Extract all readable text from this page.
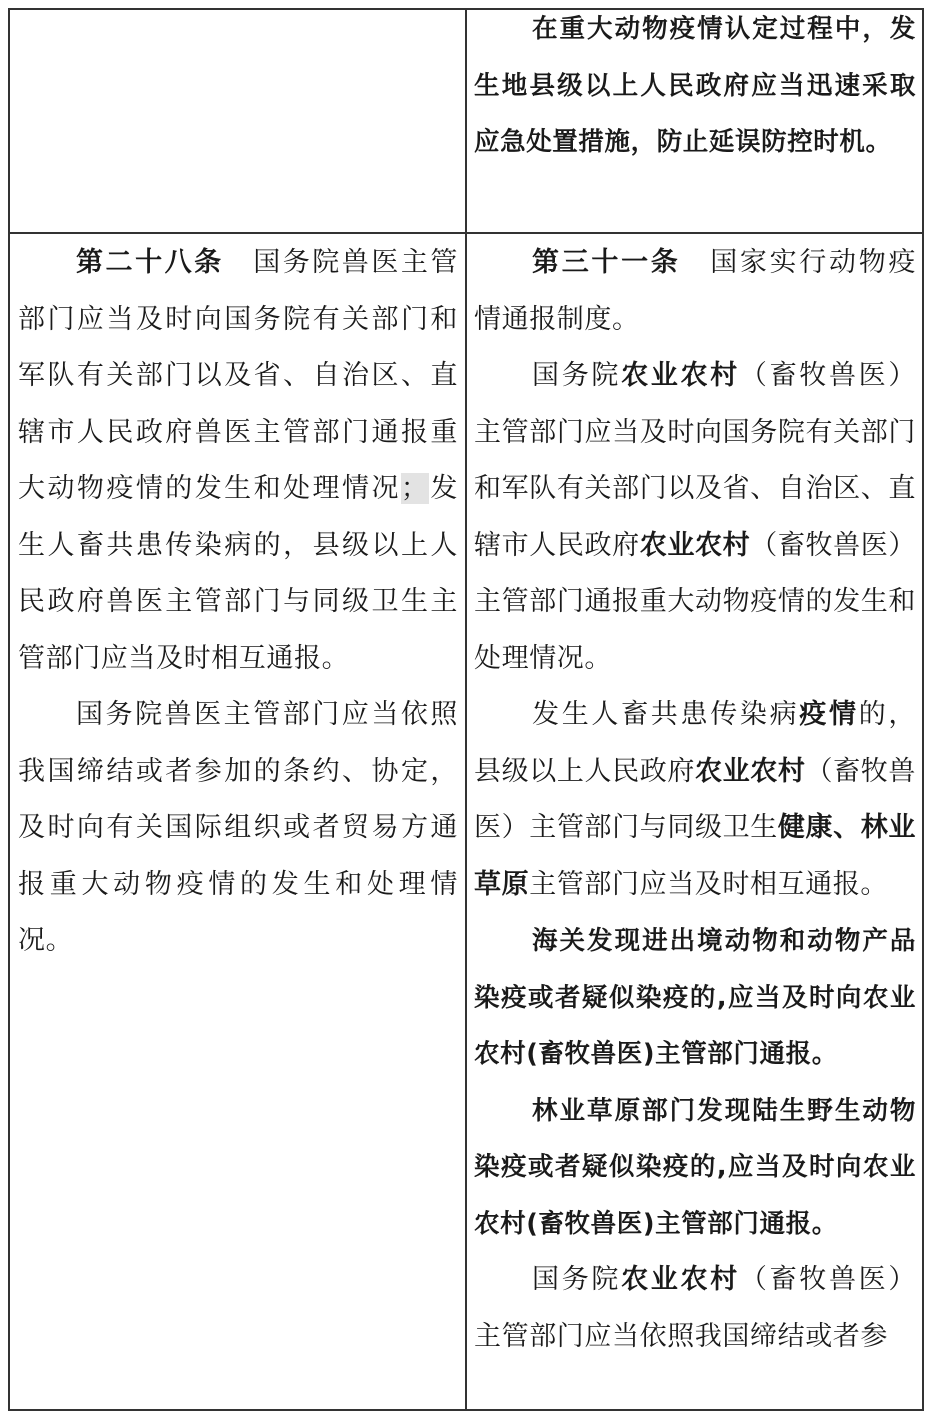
在重大动物疫情认定过程中，发生地县级以上人民政府应当迅速采取应急处置措施，防止延误防控时机。

第二十八条　国务院兽医主管部门应当及时向国务院有关部门和军队有关部门以及省、自治区、直辖市人民政府兽医主管部门通报重大动物疫情的发生和处理情况；发生人畜共患传染病的，县级以上人民政府兽医主管部门与同级卫生主管部门应当及时相互通报。

国务院兽医主管部门应当依照我国缔结或者参加的条约、协定，及时向有关国际组织或者贸易方通报重大动物疫情的发生和处理情况。

第三十一条　国家实行动物疫情通报制度。

国务院农业农村（畜牧兽医）主管部门应当及时向国务院有关部门和军队有关部门以及省、自治区、直辖市人民政府农业农村（畜牧兽医）主管部门通报重大动物疫情的发生和处理情况。

发生人畜共患传染病疫情的，县级以上人民政府农业农村（畜牧兽医）主管部门与同级卫生健康、林业草原主管部门应当及时相互通报。

海关发现进出境动物和动物产品染疫或者疑似染疫的,应当及时向农业农村(畜牧兽医)主管部门通报。

林业草原部门发现陆生野生动物染疫或者疑似染疫的,应当及时向农业农村(畜牧兽医)主管部门通报。

国务院农业农村（畜牧兽医）主管部门应当依照我国缔结或者参
